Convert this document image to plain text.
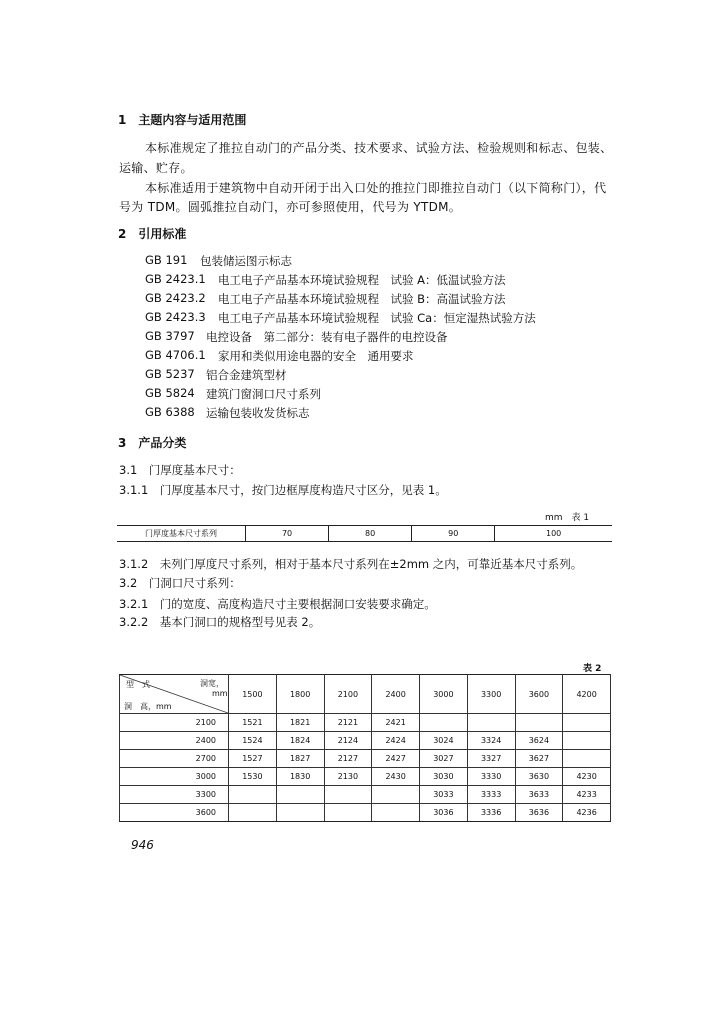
1　主题内容与适用范围
本标准规定了推拉自动门的产品分类、技术要求、试验方法、检验规则和标志、包装、
运输、贮存。
本标准适用于建筑物中自动开闭于出入口处的推拉门即推拉自动门（以下简称门），代
号为 TDM。圆弧推拉自动门，亦可参照使用，代号为 YTDM。
2　引用标准
GB 191 包装储运图示标志
GB 2423.1 电工电子产品基本环境试验规程　试验 A：低温试验方法
GB 2423.2 电工电子产品基本环境试验规程　试验 B：高温试验方法
GB 2423.3 电工电子产品基本环境试验规程　试验 Ca：恒定湿热试验方法
GB 3797 电控设备　第二部分：装有电子器件的电控设备
GB 4706.1 家用和类似用途电器的安全　通用要求
GB 5237 铝合金建筑型材
GB 5824 建筑门窗洞口尺寸系列
GB 6388 运输包装收发货标志
3　产品分类
3.1　门厚度基本尺寸：
3.1.1　门厚度基本尺寸，按门边框厚度构造尺寸区分，见表 1。
mm　表 1
门厚度基本尺寸系列	70	80	90	100
3.1.2　未列门厚度尺寸系列，相对于基本尺寸系列在±2mm 之内，可靠近基本尺寸系列。
3.2　门洞口尺寸系列：
3.2.1　门的宽度、高度构造尺寸主要根据洞口安装要求确定。
3.2.2　基本门洞口的规格型号见表 2。
表 2
型　式 洞宽，
mm
洞　高，mm	1500	1800	2100	2400	3000	3300	3600	4200
2100	1521	1821	2121	2421				
2400	1524	1824	2124	2424	3024	3324	3624	
2700	1527	1827	2127	2427	3027	3327	3627	
3000	1530	1830	2130	2430	3030	3330	3630	4230
3300					3033	3333	3633	4233
3600					3036	3336	3636	4236
946
